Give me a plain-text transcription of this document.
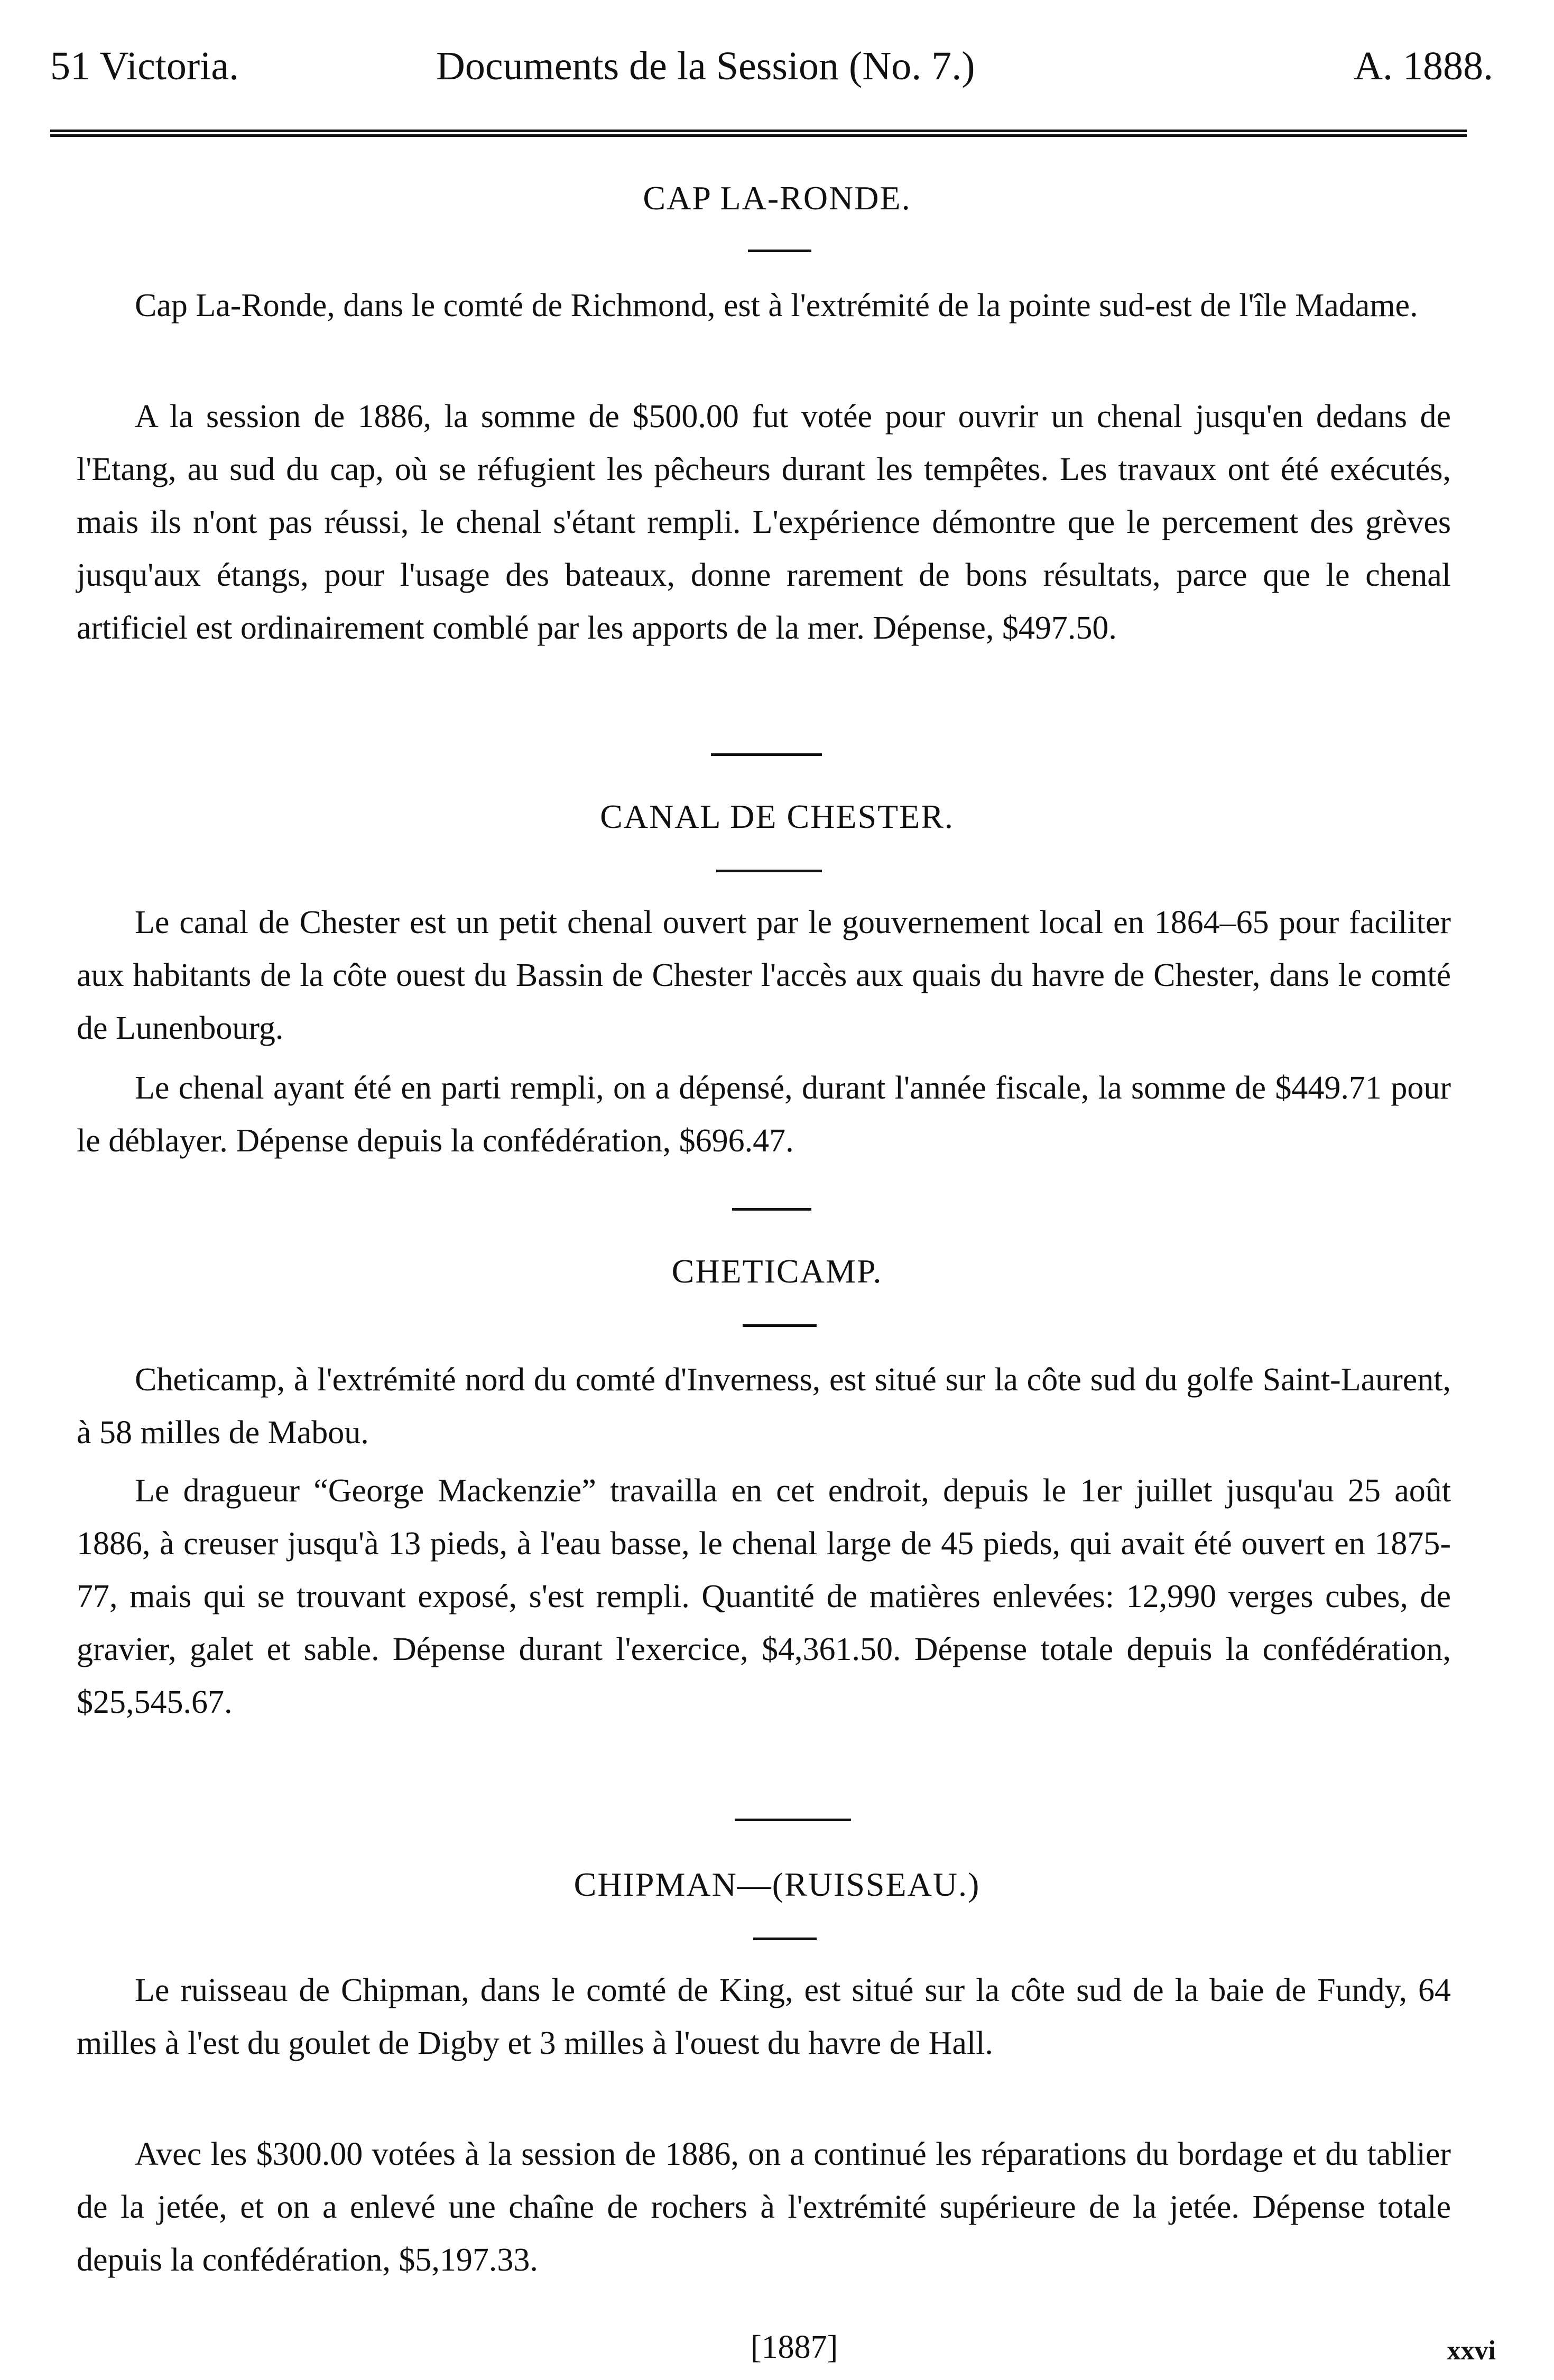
51 Victoria.	Documents de la Session (No. 7.)	A. 1888.
CAP LA-RONDE.

Cap La-Ronde, dans le comté de Richmond, est à l'extrémité de la pointe sud-est de l'île Madame.

A la session de 1886, la somme de $500.00 fut votée pour ouvrir un chenal jusqu'en dedans de l'Etang, au sud du cap, où se réfugient les pêcheurs durant les tempêtes. Les travaux ont été exécutés, mais ils n'ont pas réussi, le chenal s'étant rempli. L'expérience démontre que le percement des grèves jusqu'aux étangs, pour l'usage des bateaux, donne rarement de bons résultats, parce que le chenal artificiel est ordinairement comblé par les apports de la mer. Dépense, $497.50.

CANAL DE CHESTER.

Le canal de Chester est un petit chenal ouvert par le gouvernement local en 1864–65 pour faciliter aux habitants de la côte ouest du Bassin de Chester l'accès aux quais du havre de Chester, dans le comté de Lunenbourg.

Le chenal ayant été en parti rempli, on a dépensé, durant l'année fiscale, la somme de $449.71 pour le déblayer. Dépense depuis la confédération, $696.47.

CHETICAMP.

Cheticamp, à l'extrémité nord du comté d'Inverness, est situé sur la côte sud du golfe Saint-Laurent, à 58 milles de Mabou.

Le dragueur “George Mackenzie” travailla en cet endroit, depuis le 1er juillet jusqu'au 25 août 1886, à creuser jusqu'à 13 pieds, à l'eau basse, le chenal large de 45 pieds, qui avait été ouvert en 1875-77, mais qui se trouvant exposé, s'est rempli. Quantité de matières enlevées: 12,990 verges cubes, de gravier, galet et sable. Dépense durant l'exercice, $4,361.50. Dépense totale depuis la confédération, $25,545.67.

CHIPMAN—(RUISSEAU.)

Le ruisseau de Chipman, dans le comté de King, est situé sur la côte sud de la baie de Fundy, 64 milles à l'est du goulet de Digby et 3 milles à l'ouest du havre de Hall.

Avec les $300.00 votées à la session de 1886, on a continué les réparations du bordage et du tablier de la jetée, et on a enlevé une chaîne de rochers à l'extrémité supérieure de la jetée. Dépense totale depuis la confédération, $5,197.33.

[1887]	xxvi
